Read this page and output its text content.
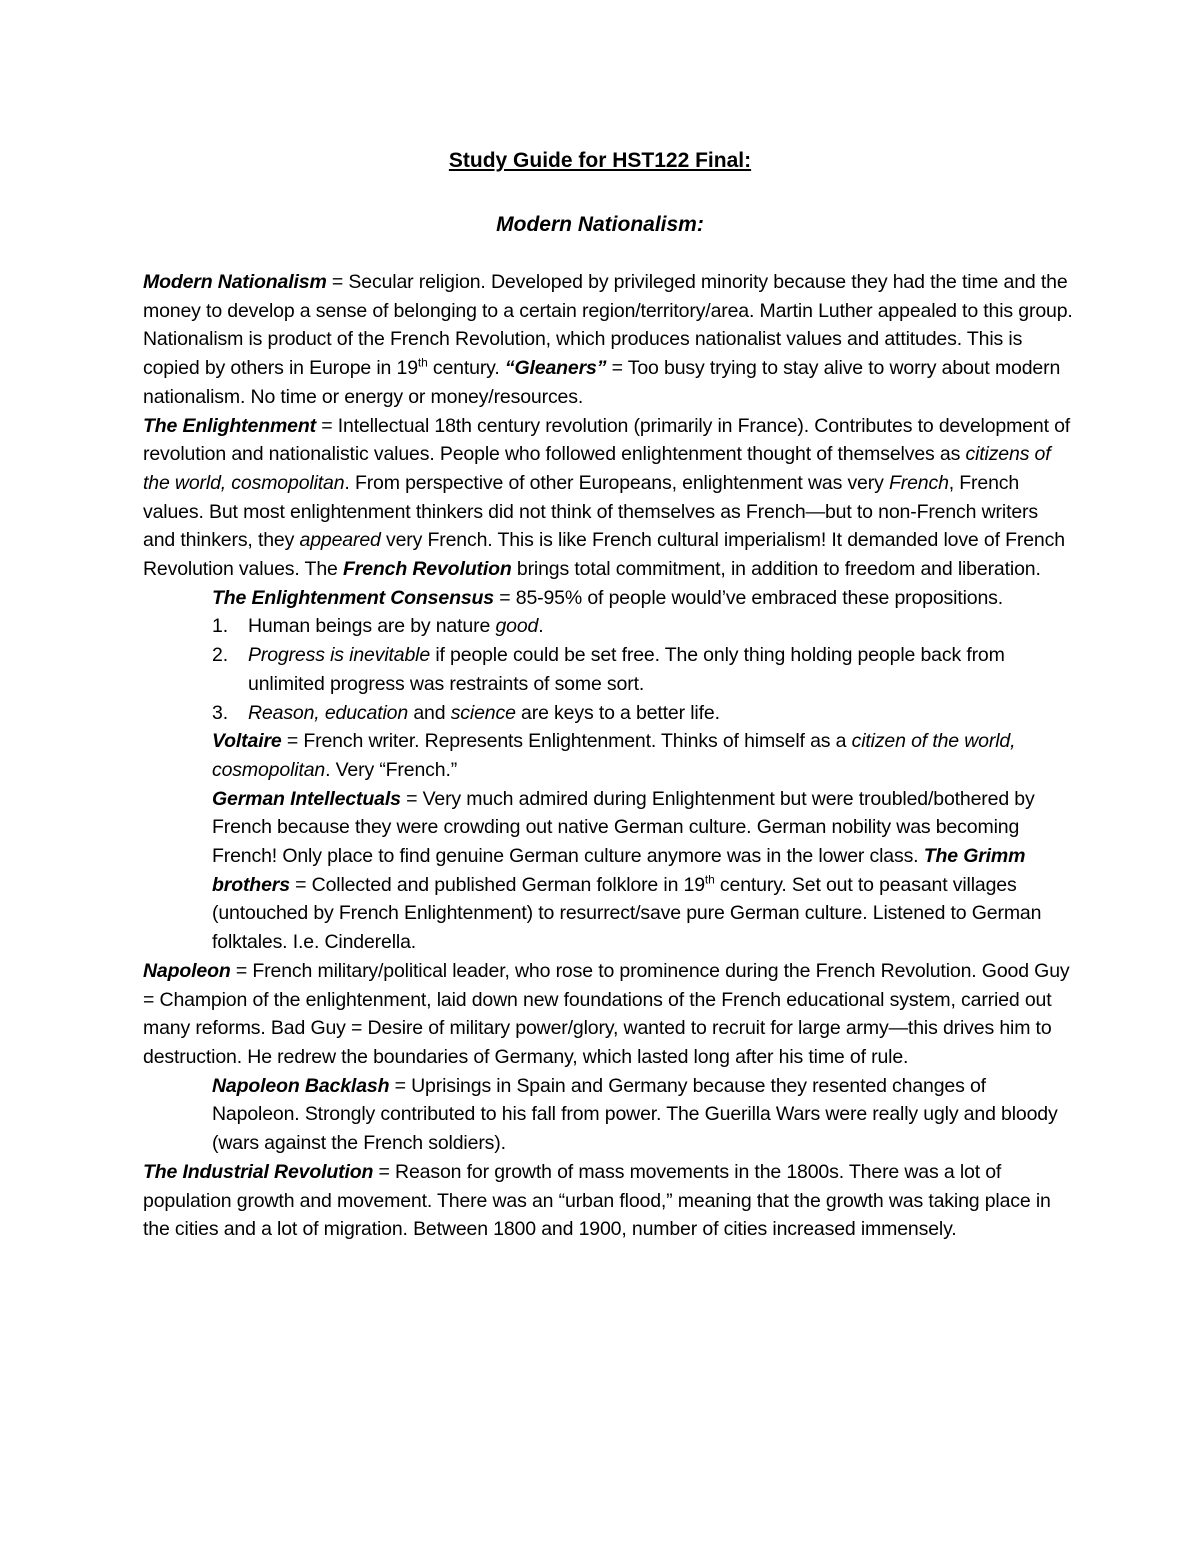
Study Guide for HST122 Final:
Modern Nationalism:

Modern Nationalism = Secular religion. Developed by privileged minority because they had the time and the money to develop a sense of belonging to a certain region/territory/area. Martin Luther appealed to this group. Nationalism is product of the French Revolution, which produces nationalist values and attitudes. This is copied by others in Europe in 19th century. “Gleaners” = Too busy trying to stay alive to worry about modern nationalism. No time or energy or money/resources.

The Enlightenment = Intellectual 18th century revolution (primarily in France). Contributes to development of revolution and nationalistic values. People who followed enlightenment thought of themselves as citizens of the world, cosmopolitan. From perspective of other Europeans, enlightenment was very French, French values. But most enlightenment thinkers did not think of themselves as French—but to non-French writers and thinkers, they appeared very French. This is like French cultural imperialism! It demanded love of French Revolution values. The French Revolution brings total commitment, in addition to freedom and liberation.

The Enlightenment Consensus = 85-95% of people would’ve embraced these propositions.

1.	Human beings are by nature good.
2.	Progress is inevitable if people could be set free. The only thing holding people back from unlimited progress was restraints of some sort.
3.	Reason, education and science are keys to a better life.

Voltaire = French writer. Represents Enlightenment. Thinks of himself as a citizen of the world, cosmopolitan. Very “French.”

German Intellectuals = Very much admired during Enlightenment but were troubled/bothered by French because they were crowding out native German culture. German nobility was becoming French! Only place to find genuine German culture anymore was in the lower class. The Grimm brothers = Collected and published German folklore in 19th century. Set out to peasant villages (untouched by French Enlightenment) to resurrect/save pure German culture. Listened to German folktales. I.e. Cinderella.

Napoleon = French military/political leader, who rose to prominence during the French Revolution. Good Guy = Champion of the enlightenment, laid down new foundations of the French educational system, carried out many reforms. Bad Guy = Desire of military power/glory, wanted to recruit for large army—this drives him to destruction. He redrew the boundaries of Germany, which lasted long after his time of rule.

Napoleon Backlash = Uprisings in Spain and Germany because they resented changes of Napoleon. Strongly contributed to his fall from power. The Guerilla Wars were really ugly and bloody (wars against the French soldiers).

The Industrial Revolution = Reason for growth of mass movements in the 1800s. There was a lot of population growth and movement. There was an “urban flood,” meaning that the growth was taking place in the cities and a lot of migration. Between 1800 and 1900, number of cities increased immensely.
